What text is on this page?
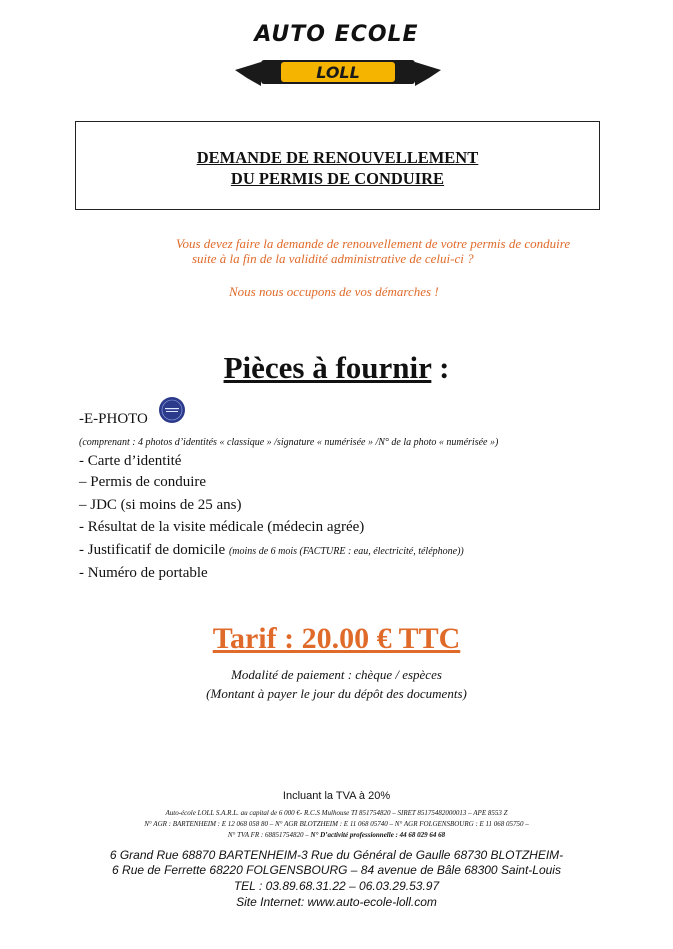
AUTO ECOLE
LOLL
DEMANDE DE RENOUVELLEMENT
DU PERMIS DE CONDUIRE
Vous devez faire la demande de renouvellement de votre permis de conduire
suite à la fin de la validité administrative de celui-ci ?
Nous nous occupons de vos démarches !
Pièces à fournir :
-E-PHOTO
(comprenant : 4 photos d’identités « classique » /signature « numérisée » /N° de la photo « numérisée »)
- Carte d’identité
– Permis de conduire
– JDC (si moins de 25 ans)
- Résultat de la visite médicale (médecin agrée)
- Justificatif de domicile (moins de 6 mois (FACTURE : eau, électricité, téléphone))
- Numéro de portable
Tarif : 20.00 € TTC
Modalité de paiement : chèque / espèces
(Montant à payer le jour du dépôt des documents)
Incluant la TVA à 20%
Auto-école LOLL S.A.R.L. au capital de 6 000 €- R.C.S Mulhouse TI 851754820 – SIRET 85175482000013 – APE 8553 Z
N° AGR : BARTENHEIM : E 12 068 058 80 – N° AGR BLOTZHEIM : E 11 068 05740 – N° AGR FOLGENSBOURG : E 11 068 05750 –
N° TVA FR : 68851754820 – N° D’activité professionnelle : 44 68 029 64 68
6 Grand Rue 68870 BARTENHEIM-3 Rue du Général de Gaulle 68730 BLOTZHEIM-
6 Rue de Ferrette 68220 FOLGENSBOURG – 84 avenue de Bâle 68300 Saint-Louis
TEL : 03.89.68.31.22 – 06.03.29.53.97
Site Internet: www.auto-ecole-loll.com
